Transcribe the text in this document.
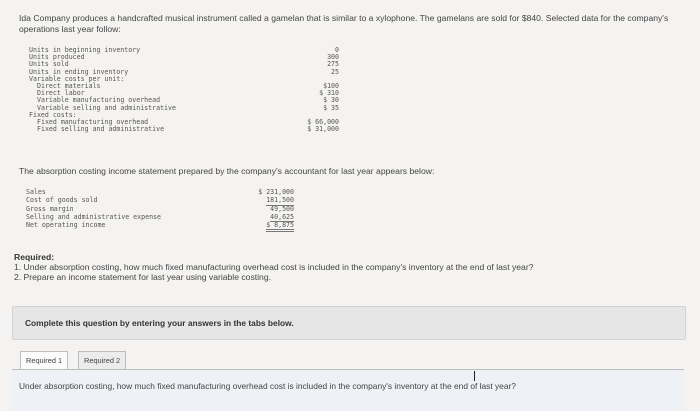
Ida Company produces a handcrafted musical instrument called a gamelan that is similar to a xylophone. The gamelans are sold for $840. Selected data for the company's operations last year follow:
Units in beginning inventory	0
Units produced	300
Units sold	275
Units in ending inventory	25
Variable costs per unit:
Direct materials	$100
Direct labor	$ 310
Variable manufacturing overhead	$ 30
Variable selling and administrative	$ 35
Fixed costs:
Fixed manufacturing overhead	$ 66,000
Fixed selling and administrative	$ 31,000
The absorption costing income statement prepared by the company's accountant for last year appears below:
Sales	$ 231,000
Cost of goods sold	181,500
Gross margin	49,500
Selling and administrative expense	40,625
Net operating income	$ 8,875
Required:
1. Under absorption costing, how much fixed manufacturing overhead cost is included in the company's inventory at the end of last year?
2. Prepare an income statement for last year using variable costing.
Complete this question by entering your answers in the tabs below.
Required 1	Required 2
Under absorption costing, how much fixed manufacturing overhead cost is included in the company's inventory at the end of last year?
